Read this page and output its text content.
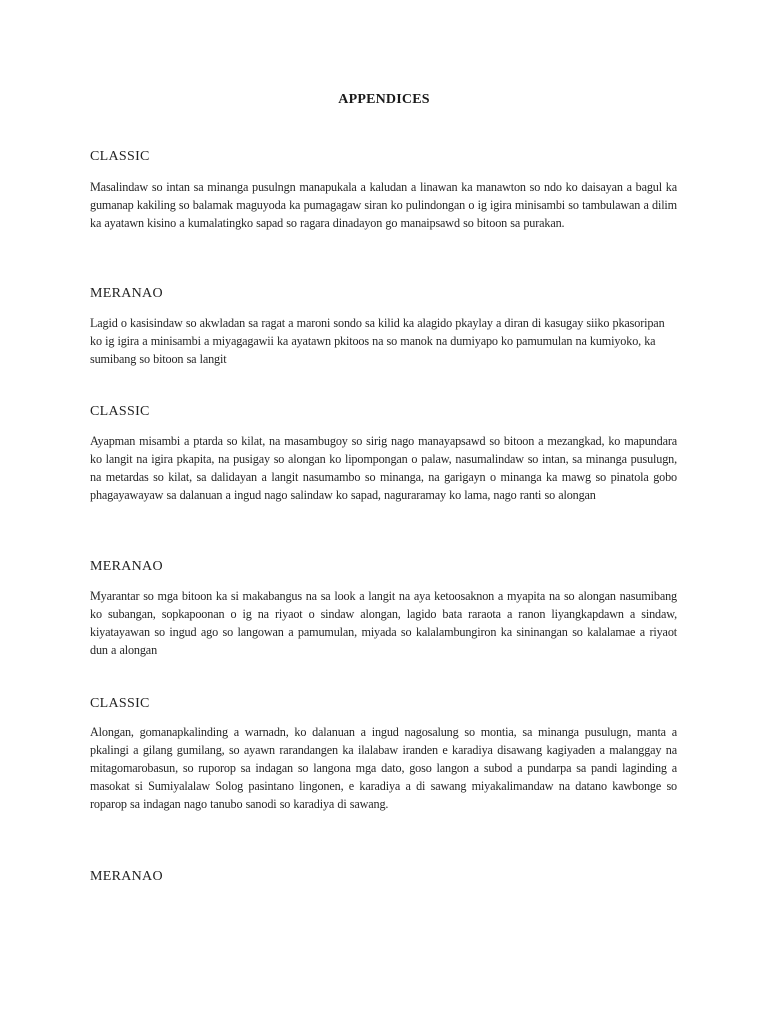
APPENDICES
CLASSIC
Masalindaw so intan sa minanga pusulngn manapukala a kaludan a linawan ka manawton so ndo ko daisayan a bagul ka gumanap kakiling so balamak maguyoda ka pumagagaw siran ko pulindongan o ig igira minisambi so tambulawan a dilim ka ayatawn kisino a kumalatingko sapad so ragara dinadayon go manaipsawd so bitoon sa purakan.
MERANAO
Lagid o kasisindaw so akwladan sa ragat a maroni sondo sa kilid ka alagido pkaylay a diran di kasugay siiko pkasoripan ko ig igira a minisambi a miyagagawii ka ayatawn pkitoos na so manok na dumiyapo ko pamumulan na kumiyoko, ka sumibang so bitoon sa langit
CLASSIC
Ayapman misambi a ptarda so kilat, na masambugoy so sirig nago manayapsawd so bitoon a mezangkad, ko mapundara ko langit na igira pkapita, na pusigay so alongan ko lipompongan o palaw, nasumalindaw so intan, sa minanga pusulugn, na metardas so kilat, sa dalidayan a langit nasumambo so minanga, na garigayn o minanga ka mawg so pinatola gobo phagayawayaw sa dalanuan a ingud nago salindaw ko sapad, naguraramay ko lama, nago ranti so alongan
MERANAO
Myarantar so mga bitoon ka si makabangus na sa look a langit na aya ketoosaknon a myapita na so alongan nasumibang ko subangan, sopkapoonan o ig na riyaot o sindaw alongan, lagido bata raraota a ranon liyangkapdawn a sindaw, kiyatayawan so ingud ago so langowan a pamumulan, miyada so kalalambungiron ka sininangan so kalalamae a riyaot dun a alongan
CLASSIC
Alongan, gomanapkalinding a warnadn, ko dalanuan a ingud nagosalung so montia, sa minanga pusulugn, manta a pkalingi a gilang gumilang, so ayawn rarandangen ka ilalabaw iranden e karadiya disawang kagiyaden a malanggay na mitagomarobasun, so ruporop sa indagan so langona mga dato, goso langon a subod a pundarpa sa pandi laginding a masokat si Sumiyalalaw Solog pasintano lingonen, e karadiya a di sawang miyakalimandaw na datano kawbonge so roparop sa indagan nago tanubo sanodi so karadiya di sawang.
MERANAO
